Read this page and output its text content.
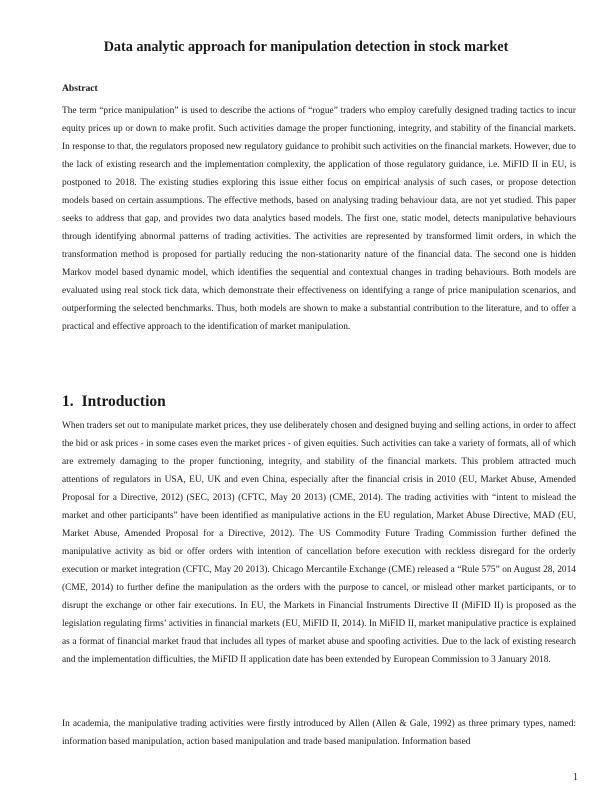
Data analytic approach for manipulation detection in stock market
Abstract

The term “price manipulation” is used to describe the actions of “rogue” traders who employ carefully designed trading tactics to incur equity prices up or down to make profit. Such activities damage the proper functioning, integrity, and stability of the financial markets. In response to that, the regulators proposed new regulatory guidance to prohibit such activities on the financial markets. However, due to the lack of existing research and the implementation complexity, the application of those regulatory guidance, i.e. MiFID II in EU, is postponed to 2018. The existing studies exploring this issue either focus on empirical analysis of such cases, or propose detection models based on certain assumptions. The effective methods, based on analysing trading behaviour data, are not yet studied. This paper seeks to address that gap, and provides two data analytics based models. The first one, static model, detects manipulative behaviours through identifying abnormal patterns of trading activities. The activities are represented by transformed limit orders, in which the transformation method is proposed for partially reducing the non-stationarity nature of the financial data. The second one is hidden Markov model based dynamic model, which identifies the sequential and contextual changes in trading behaviours. Both models are evaluated using real stock tick data, which demonstrate their effectiveness on identifying a range of price manipulation scenarios, and outperforming the selected benchmarks. Thus, both models are shown to make a substantial contribution to the literature, and to offer a practical and effective approach to the identification of market manipulation.

1. Introduction

When traders set out to manipulate market prices, they use deliberately chosen and designed buying and selling actions, in order to affect the bid or ask prices - in some cases even the market prices - of given equities. Such activities can take a variety of formats, all of which are extremely damaging to the proper functioning, integrity, and stability of the financial markets. This problem attracted much attentions of regulators in USA, EU, UK and even China, especially after the financial crisis in 2010 (EU, Market Abuse, Amended Proposal for a Directive, 2012) (SEC, 2013) (CFTC, May 20 2013) (CME, 2014). The trading activities with “intent to mislead the market and other participants” have been identified as manipulative actions in the EU regulation, Market Abuse Directive, MAD (EU, Market Abuse, Amended Proposal for a Directive, 2012). The US Commodity Future Trading Commission further defined the manipulative activity as bid or offer orders with intention of cancellation before execution with reckless disregard for the orderly execution or market integration (CFTC, May 20 2013). Chicago Mercantile Exchange (CME) released a “Rule 575” on August 28, 2014 (CME, 2014) to further define the manipulation as the orders with the purpose to cancel, or mislead other market participants, or to disrupt the exchange or other fair executions. In EU, the Markets in Financial Instruments Directive II (MiFID II) is proposed as the legislation regulating firms’ activities in financial markets (EU, MiFID II, 2014). In MiFID II, market manipulative practice is explained as a format of financial market fraud that includes all types of market abuse and spoofing activities. Due to the lack of existing research and the implementation difficulties, the MiFID II application date has been extended by European Commission to 3 January 2018.

In academia, the manipulative trading activities were firstly introduced by Allen (Allen & Gale, 1992) as three primary types, named: information based manipulation, action based manipulation and trade based manipulation. Information based

1
